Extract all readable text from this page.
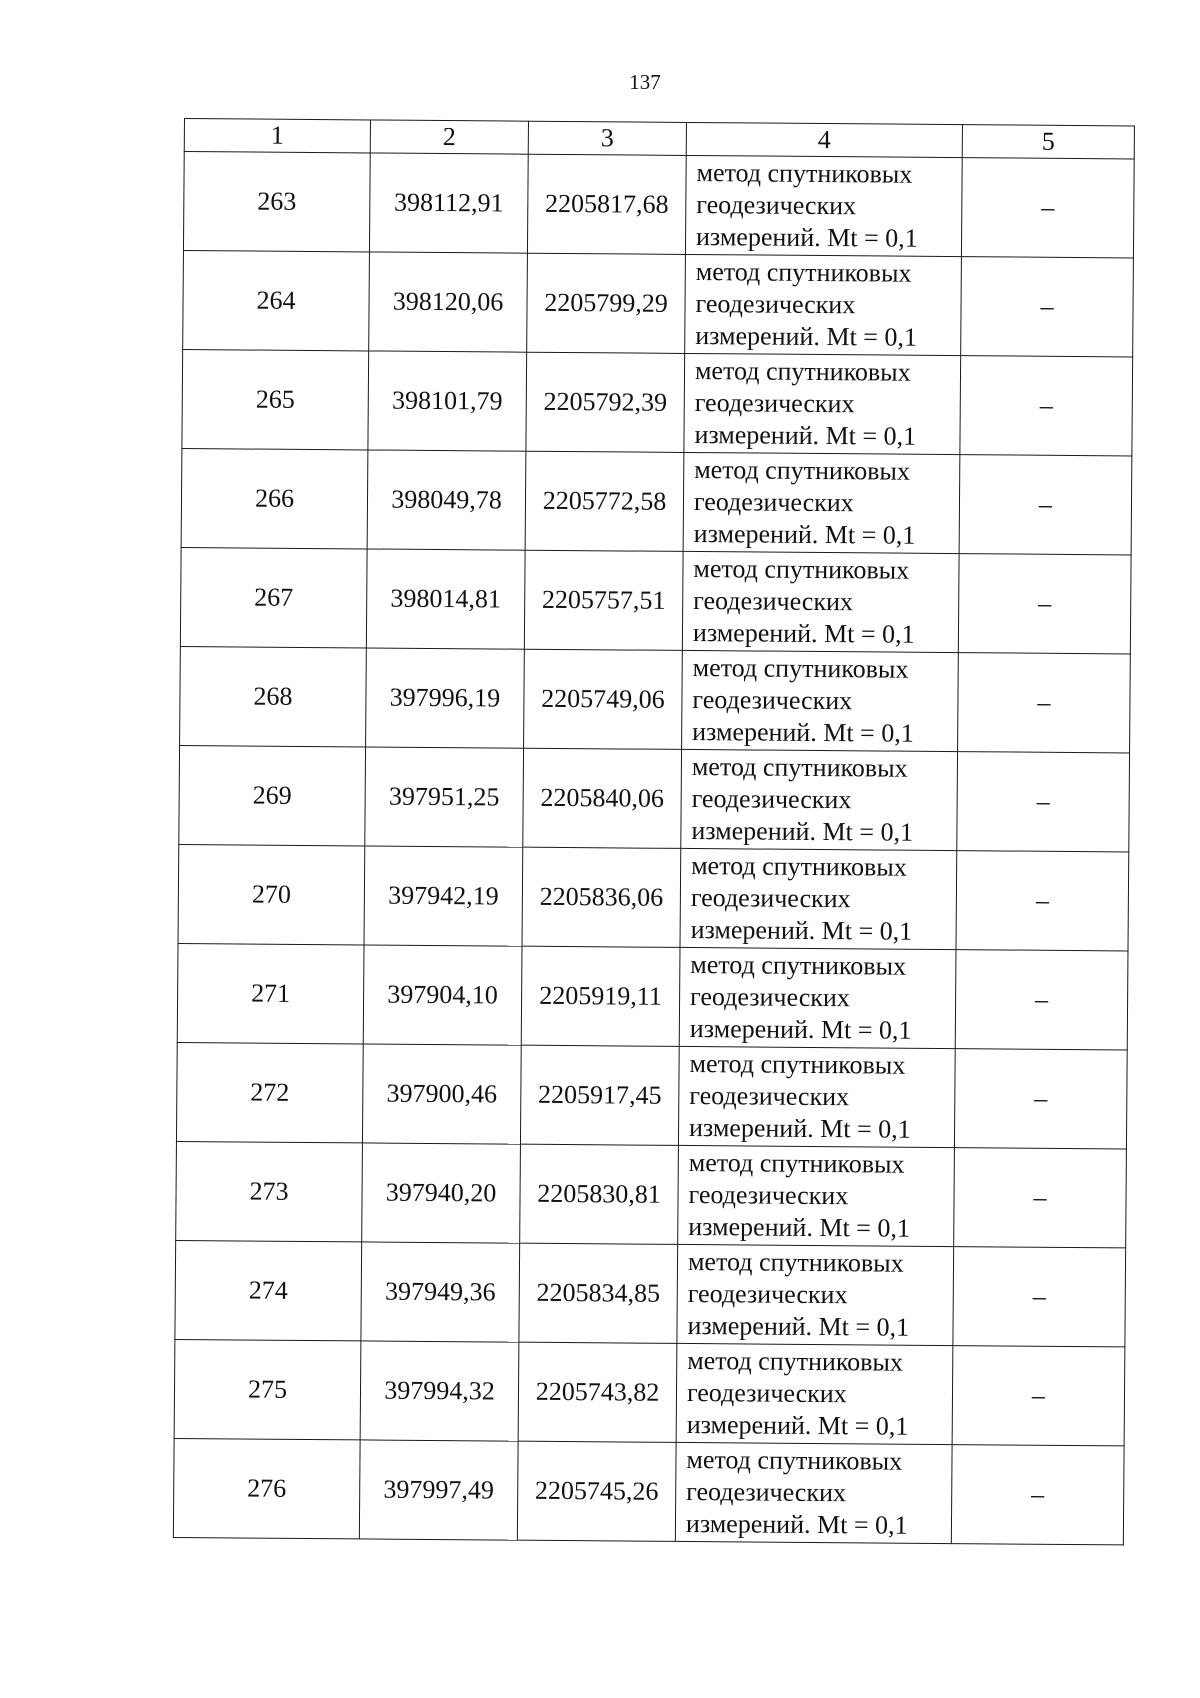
137
1	2	3	4	5
263	398112,91	2205817,68	метод спутниковых
геодезических
измерений. Mt = 0,1	–
264	398120,06	2205799,29	метод спутниковых
геодезических
измерений. Mt = 0,1	–
265	398101,79	2205792,39	метод спутниковых
геодезических
измерений. Mt = 0,1	–
266	398049,78	2205772,58	метод спутниковых
геодезических
измерений. Mt = 0,1	–
267	398014,81	2205757,51	метод спутниковых
геодезических
измерений. Mt = 0,1	–
268	397996,19	2205749,06	метод спутниковых
геодезических
измерений. Mt = 0,1	–
269	397951,25	2205840,06	метод спутниковых
геодезических
измерений. Mt = 0,1	–
270	397942,19	2205836,06	метод спутниковых
геодезических
измерений. Mt = 0,1	–
271	397904,10	2205919,11	метод спутниковых
геодезических
измерений. Mt = 0,1	–
272	397900,46	2205917,45	метод спутниковых
геодезических
измерений. Mt = 0,1	–
273	397940,20	2205830,81	метод спутниковых
геодезических
измерений. Mt = 0,1	–
274	397949,36	2205834,85	метод спутниковых
геодезических
измерений. Mt = 0,1	–
275	397994,32	2205743,82	метод спутниковых
геодезических
измерений. Mt = 0,1	–
276	397997,49	2205745,26	метод спутниковых
геодезических
измерений. Mt = 0,1	–
